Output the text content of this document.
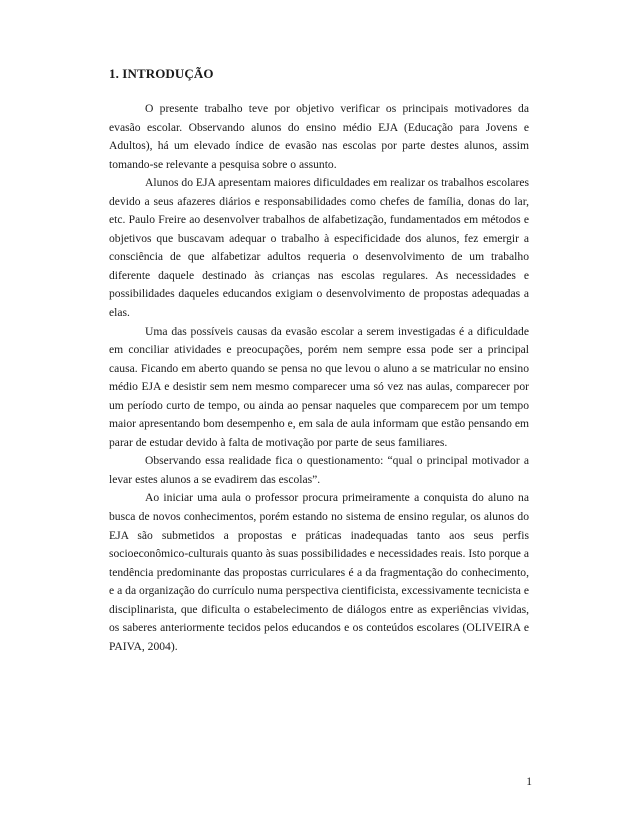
1. INTRODUÇÃO

O presente trabalho teve por objetivo verificar os principais motivadores da evasão escolar. Observando alunos do ensino médio EJA (Educação para Jovens e Adultos), há um elevado índice de evasão nas escolas por parte destes alunos, assim tomando-se relevante a pesquisa sobre o assunto.

Alunos do EJA apresentam maiores dificuldades em realizar os trabalhos escolares devido a seus afazeres diários e responsabilidades como chefes de família, donas do lar, etc. Paulo Freire ao desenvolver trabalhos de alfabetização, fundamentados em métodos e objetivos que buscavam adequar o trabalho à especificidade dos alunos, fez emergir a consciência de que alfabetizar adultos requeria o desenvolvimento de um trabalho diferente daquele destinado às crianças nas escolas regulares. As necessidades e possibilidades daqueles educandos exigiam o desenvolvimento de propostas adequadas a elas.

Uma das possíveis causas da evasão escolar a serem investigadas é a dificuldade em conciliar atividades e preocupações, porém nem sempre essa pode ser a principal causa. Ficando em aberto quando se pensa no que levou o aluno a se matricular no ensino médio EJA e desistir sem nem mesmo comparecer uma só vez nas aulas, comparecer por um período curto de tempo, ou ainda ao pensar naqueles que comparecem por um tempo maior apresentando bom desempenho e, em sala de aula informam que estão pensando em parar de estudar devido à falta de motivação por parte de seus familiares.

Observando essa realidade fica o questionamento: “qual o principal motivador a levar estes alunos a se evadirem das escolas”.

Ao iniciar uma aula o professor procura primeiramente a conquista do aluno na busca de novos conhecimentos, porém estando no sistema de ensino regular, os alunos do EJA são submetidos a propostas e práticas inadequadas tanto aos seus perfis socioeconômico-culturais quanto às suas possibilidades e necessidades reais. Isto porque a tendência predominante das propostas curriculares é a da fragmentação do conhecimento, e a da organização do currículo numa perspectiva cientificista, excessivamente tecnicista e disciplinarista, que dificulta o estabelecimento de diálogos entre as experiências vividas, os saberes anteriormente tecidos pelos educandos e os conteúdos escolares (OLIVEIRA e PAIVA, 2004).

1
